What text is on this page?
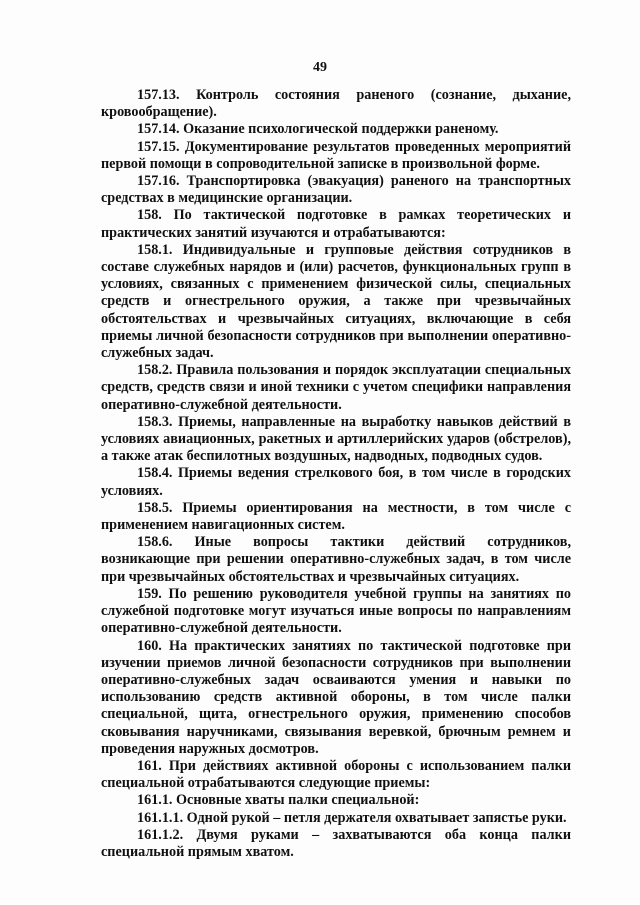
49

157.13. Контроль состояния раненого (сознание, дыхание, кровообращение).

157.14. Оказание психологической поддержки раненому.

157.15. Документирование результатов проведенных мероприятий первой помощи в сопроводительной записке в произвольной форме.

157.16. Транспортировка (эвакуация) раненого на транспортных средствах в медицинские организации.

158. По тактической подготовке в рамках теоретических и практических занятий изучаются и отрабатываются:

158.1. Индивидуальные и групповые действия сотрудников в составе служебных нарядов и (или) расчетов, функциональных групп в условиях, связанных с применением физической силы, специальных средств и огнестрельного оружия, а также при чрезвычайных обстоятельствах и чрезвычайных ситуациях, включающие в себя приемы личной безопасности сотрудников при выполнении оперативно-служебных задач.

158.2. Правила пользования и порядок эксплуатации специальных средств, средств связи и иной техники с учетом специфики направления оперативно-служебной деятельности.

158.3. Приемы, направленные на выработку навыков действий в условиях авиационных, ракетных и артиллерийских ударов (обстрелов), а также атак беспилотных воздушных, надводных, подводных судов.

158.4. Приемы ведения стрелкового боя, в том числе в городских условиях.

158.5. Приемы ориентирования на местности, в том числе с применением навигационных систем.

158.6. Иные вопросы тактики действий сотрудников, возникающие при решении оперативно-служебных задач, в том числе при чрезвычайных обстоятельствах и чрезвычайных ситуациях.

159. По решению руководителя учебной группы на занятиях по служебной подготовке могут изучаться иные вопросы по направлениям оперативно-служебной деятельности.

160. На практических занятиях по тактической подготовке при изучении приемов личной безопасности сотрудников при выполнении оперативно-служебных задач осваиваются умения и навыки по использованию средств активной обороны, в том числе палки специальной, щита, огнестрельного оружия, применению способов сковывания наручниками, связывания веревкой, брючным ремнем и проведения наружных досмотров.

161. При действиях активной обороны с использованием палки специальной отрабатываются следующие приемы:

161.1. Основные хваты палки специальной:

161.1.1. Одной рукой – петля держателя охватывает запястье руки.

161.1.2. Двумя руками – захватываются оба конца палки специальной прямым хватом.
